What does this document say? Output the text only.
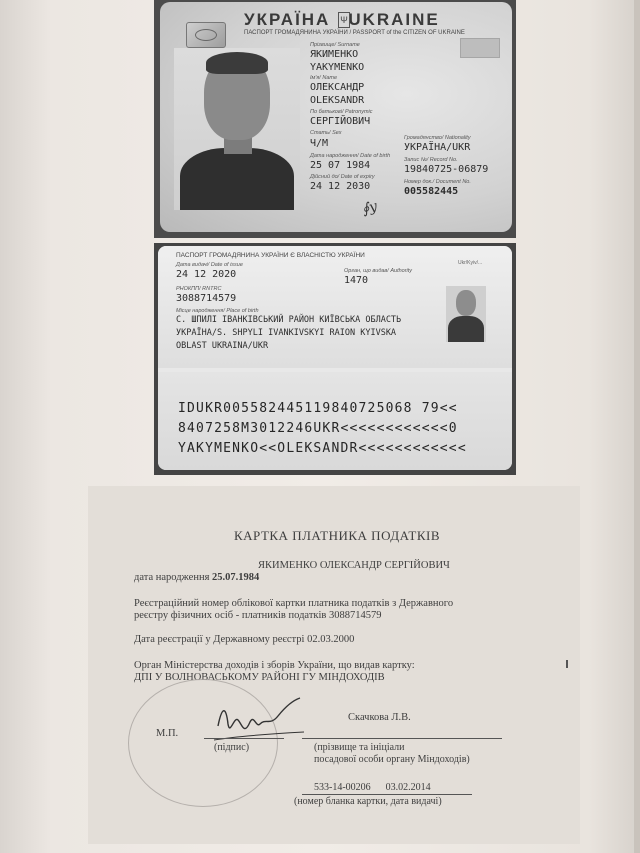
УКРАЇНА UKRAINE
Ψ
ПАСПОРТ ГРОМАДЯНИНА УКРАЇНИ / PASSPORT of the CITIZEN OF UKRAINE
Прізвище/ Surname
ЯКИМЕНКО
YAKYMENKO
Ім'я/ Name
ОЛЕКСАНДР
OLEKSANDR
По батькові/ Patronymic
СЕРГІЙОВИЧ
Стать/ Sex
Ч/М	Громадянство/ Nationality
УКРАЇНА/UKR
Дата народження/ Date of birth
25 07 1984	Запис №/ Record No.
19840725-06879
Дійсний до/ Date of expiry
24 12 2030	Номер док./ Document No.
005582445
∮y
ПАСПОРТ ГРОМАДЯНИНА УКРАЇНИ Є ВЛАСНІСТЮ УКРАЇНИ
Ukr/Kyiv/...
Дата видачі/ Date of issue
24 12 2020	Орган, що видав/ Authority
1470
РНОКПП/ RNTRC
3088714579
Місце народження/ Place of birth
С. ШПИЛІ ІВАНКІВСЬКИЙ РАЙОН КИЇВСЬКА ОБЛАСТЬ
УКРАЇНА/S. SHPYLI IVANKIVSKYI RAION KYIVSKA
OBLAST UKRAINA/UKR
IDUKR005582445119840725068 79<<
8407258M3012246UKR<<<<<<<<<<<<0
YAKYMENKO<<OLEKSANDR<<<<<<<<<<<<
КАРТКА ПЛАТНИКА ПОДАТКІВ
ЯКИМЕНКО ОЛЕКСАНДР СЕРГІЙОВИЧ
дата народження 25.07.1984
Реєстраційний номер облікової картки платника податків з Державного
реєстру фізичних осіб - платників податків 3088714579
Дата реєстрації у Державному реєстрі 02.03.2000
Орган Міністерства доходів і зборів України, що видав картку:
ДПІ У ВОЛНОВАСЬКОМУ РАЙОНІ ГУ МІНДОХОДІВ
М.П.
(підпис)
Скачкова Л.В.
(прізвище та ініціали
посадової особи органу Міндоходів)
533-14-00206 03.02.2014
(номер бланка картки, дата видачі)
